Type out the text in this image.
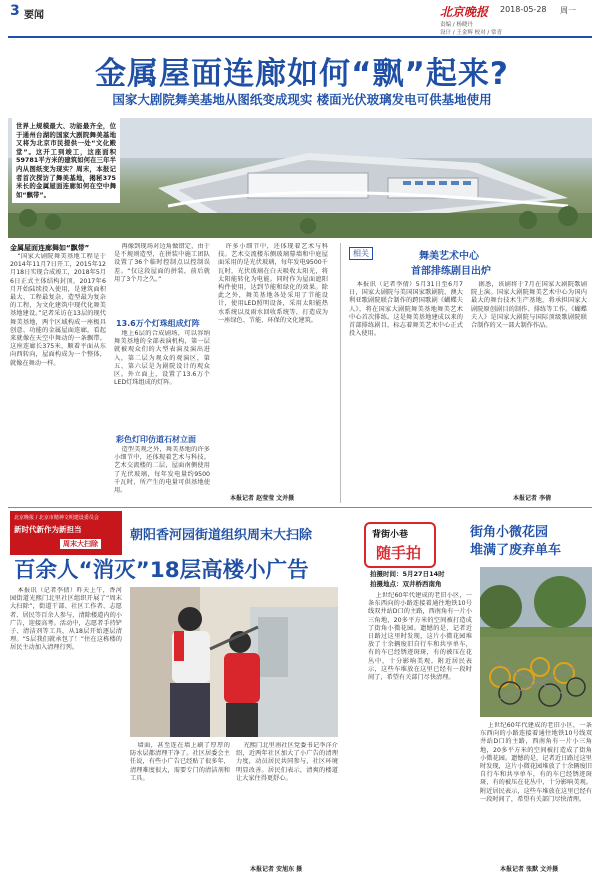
3 要闻	北京晚报 2018-05-28 周一
责编 / 杨晓丹
设计 / 王金辉 校对 / 常青
金属屋面连廊如何“飘”起来?
国家大剧院舞美基地从图纸变成现实 楼面光伏玻璃发电可供基地使用
世界上规模最大、功能最齐全，位于通州台湖的国家大剧院舞美基地又将为北京市民提供一处“文化殿堂”。这开工到竣工，这座面积59781平方米的建筑如何在三年半内从图纸变为现实？周末，本报记者首次探访了舞美基地，揭秘375米长的金属屋面连廊如何在空中舞如“飘带”。
金属屋面连廊舞如“飘带”

“国家大剧院舞美基地工程是于2014年11月7日开工，2015年12月18日实现合成竣工，2018年5月6日正式主体结构封顶，2017年6月开始陆续投入使用，是建筑面积最大、工程最复杂、造型最为复杂的工程，为文化建筑中现代化舞美基地建设。”记者采访在13层的现代舞美基地，两个区域构成一座极具创意、功能的金属屋面连廊，看起来就像在天空中舞动的一条飘带。这座连廊长375米，顺着平面从东向西转向，屋面构成为一个整体，就像在舞动一样。

再像到现场对边角做错定，由于是不规则造型，在拼装中施工团队设置了36个临时控制点以控制误差。“仅这段屋面的拼装，前后就用了3个月之久。”

13.6万个灯珠组成灯阵

地上6层的合成剧场，可以容纳舞美基地的全部表演机构，第一层就被观众们的大型表演及演出进入，第二层为观众的观演区，第五、第六层是为剧院设计的观众区。外立面上，设置了13.6万个LED灯珠组成的灯阵。

彩色灯印仿道石材立面

造型美观之外，舞美基地的许多小细节中，还体现着艺术与科技。艺术交流楼的二层，屋面南侧使用了光伏玻璃，每年发电量约9500千瓦时，所产生的电量可供基地使用。

许多小细节中，还体现着艺术与科技。艺术交流楼东侧玻璃幕墙和中庭屋面采用的是光伏玻璃，每年发电9500千瓦时，光伏玻璃在白天吸收太阳光，将太阳能转化为电能。同时作为屋面遮阳构件使用，达到节能和绿化的效果。除此之外，舞美基地各处采用了节能设计，使用LED照明设备，采用太阳能热水系统以及雨水回收系统等，打造成为一座绿色、节能、环保的文化建筑。

本报记者 赵莹莹 文并摄
相关	舞美艺术中心
首部排练剧目出炉

本报讯（记者李倩）5月31日至6月7日，国家大剧院与美国国家歌剧院、澳大利亚歌剧院联合制作的跨国歌剧《蝴蝶夫人》，将在国家大剧院舞美基地舞美艺术中心首次排练。这是舞美基地建成以来的首部排练剧目，标志着舞美艺术中心正式投入使用。

据悉，该剧将于7月在国家大剧院歌剧院上演。国家大剧院舞美艺术中心为国内最大的舞台技术生产基地，将承担国家大剧院原创剧目的制作、排练等工作。《蝴蝶夫人》是国家大剧院与国际顶级歌剧院联合制作的又一部大制作作品。

本报记者 李倩
北京晚报 / 北京市精神文明建设委员会
新时代新作为新担当
周末大扫除
朝阳香河园街道组织周末大扫除
百余人“消灭”18层高楼小广告

本报讯（记者李倩）昨天上午，香河园街道光熙门北里社区组织开展了“周末大扫除”，街道干部、社区工作者、志愿者、居民等百余人参与，清除楼道内的小广告，迎接高考。活动中，志愿者手持铲子、清洁剂等工具，从18层开始逐层清理。“5层我们就承包了！”住在这栋楼的居民主动加入清理行列。

墙面，甚至连在墙上刷了厚厚的防水层都清理干净了。社区居委会主任说，有些小广告已经贴了很多年，清理难度很大，需要专门的清洁剂和工具。

光熙门北里南社区党委书记李洋介绍，近两年社区加大了小广告的清理力度，动员居民共同参与，社区环境明显改善。居民们表示，清爽的楼道让大家住得更舒心。

本报记者 安旭东 摄
背街小巷
随手拍
街角小微花园
堆满了废弃单车
拍摄时间：5月27日14时
拍摄地点：双井桥西南角

上世纪60年代建成的老旧小区，一条东西向的小路连接着通往地铁10号线双井站D口的主路，西南角有一片小三角地，20多平方米的空间被打造成了街角小微花园。遗憾的是，记者近日路过这里时发现，这片小微花园堆放了十余辆废旧自行车和共享单车，有的车已经锈迹斑斑，有的被压在花丛中，十分影响美观。附近居民表示，这些车堆放在这里已经有一段时间了，希望有关部门尽快清理。

上世纪60年代建成的老旧小区，一条东西向的小路连接着通往地铁10号线双井站D口的主路，西南角有一片小三角地，20多平方米的空间被打造成了街角小微花园。遗憾的是，记者近日路过这里时发现，这片小微花园堆放了十余辆废旧自行车和共享单车，有的车已经锈迹斑斑，有的被压在花丛中，十分影响美观。附近居民表示，这些车堆放在这里已经有一段时间了，希望有关部门尽快清理。

本报记者 张默 文并摄
